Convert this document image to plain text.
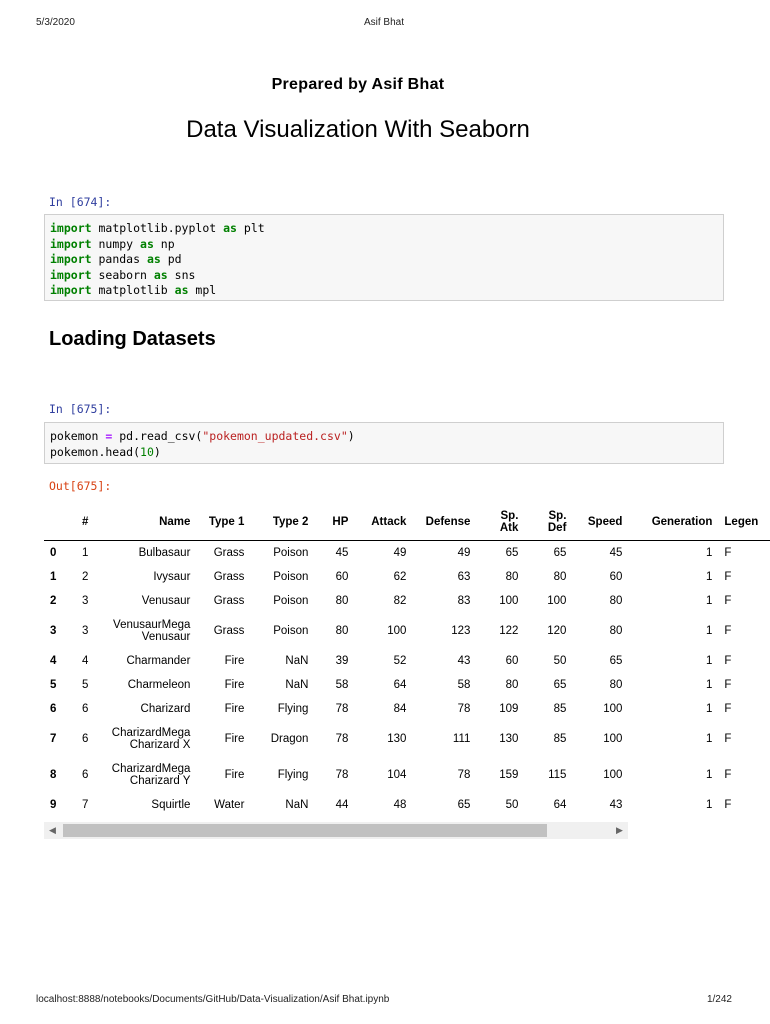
5/3/2020	Asif Bhat
Prepared by Asif Bhat
Data Visualization With Seaborn
In [674]:
import matplotlib.pyplot as plt
import numpy as np
import pandas as pd
import seaborn as sns
import matplotlib as mpl
Loading Datasets
In [675]:
pokemon = pd.read_csv("pokemon_updated.csv")
pokemon.head(10)
Out[675]:
	#	Name	Type 1	Type 2	HP	Attack	Defense	Sp. Atk	Sp. Def	Speed	Generation	Legen
0	1	Bulbasaur	Grass	Poison	45	49	49	65	65	45	1	F
1	2	Ivysaur	Grass	Poison	60	62	63	80	80	60	1	F
2	3	Venusaur	Grass	Poison	80	82	83	100	100	80	1	F
3	3	VenusaurMega Venusaur	Grass	Poison	80	100	123	122	120	80	1	F
4	4	Charmander	Fire	NaN	39	52	43	60	50	65	1	F
5	5	Charmeleon	Fire	NaN	58	64	58	80	65	80	1	F
6	6	Charizard	Fire	Flying	78	84	78	109	85	100	1	F
7	6	CharizardMega Charizard X	Fire	Dragon	78	130	111	130	85	100	1	F
8	6	CharizardMega Charizard Y	Fire	Flying	78	104	78	159	115	100	1	F
9	7	Squirtle	Water	NaN	44	48	65	50	64	43	1	F
◀	▶
localhost:8888/notebooks/Documents/GitHub/Data-Visualization/Asif Bhat.ipynb	1/242
